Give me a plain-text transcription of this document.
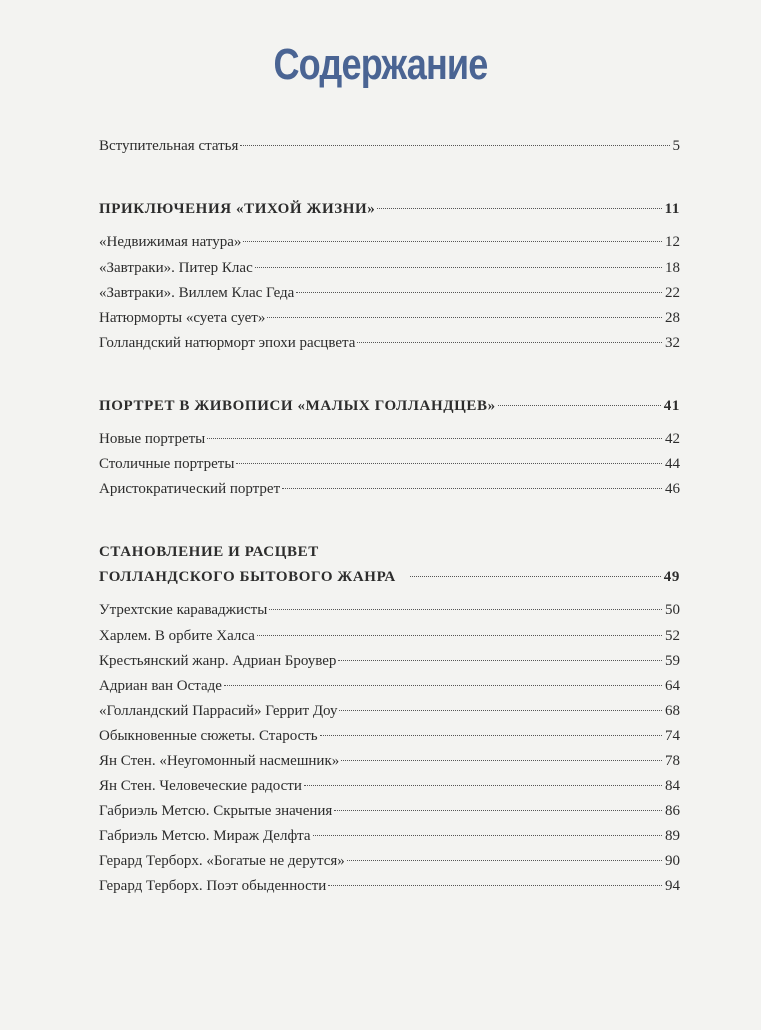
Содержание
Вступительная статья	5
ПРИКЛЮЧЕНИЯ «ТИХОЙ ЖИЗНИ»	11
«Недвижимая натура»	12
«Завтраки». Питер Клас	18
«Завтраки». Виллем Клас Геда	22
Натюрморты «суета сует»	28
Голландский натюрморт эпохи расцвета	32
ПОРТРЕТ В ЖИВОПИСИ «МАЛЫХ ГОЛЛАНДЦЕВ»	41
Новые портреты	42
Столичные портреты	44
Аристократический портрет	46
СТАНОВЛЕНИЕ И РАСЦВЕТ
ГОЛЛАНДСКОГО БЫТОВОГО ЖАНРА	49
Утрехтские караваджисты	50
Харлем. В орбите Халса	52
Крестьянский жанр. Адриан Броувер	59
Адриан ван Остаде	64
«Голландский Паррасий» Геррит Доу	68
Обыкновенные сюжеты. Старость	74
Ян Стен. «Неугомонный насмешник»	78
Ян Стен. Человеческие радости	84
Габриэль Метсю. Скрытые значения	86
Габриэль Метсю. Мираж Делфта	89
Герард Терборх. «Богатые не дерутся»	90
Герард Терборх. Поэт обыденности	94
